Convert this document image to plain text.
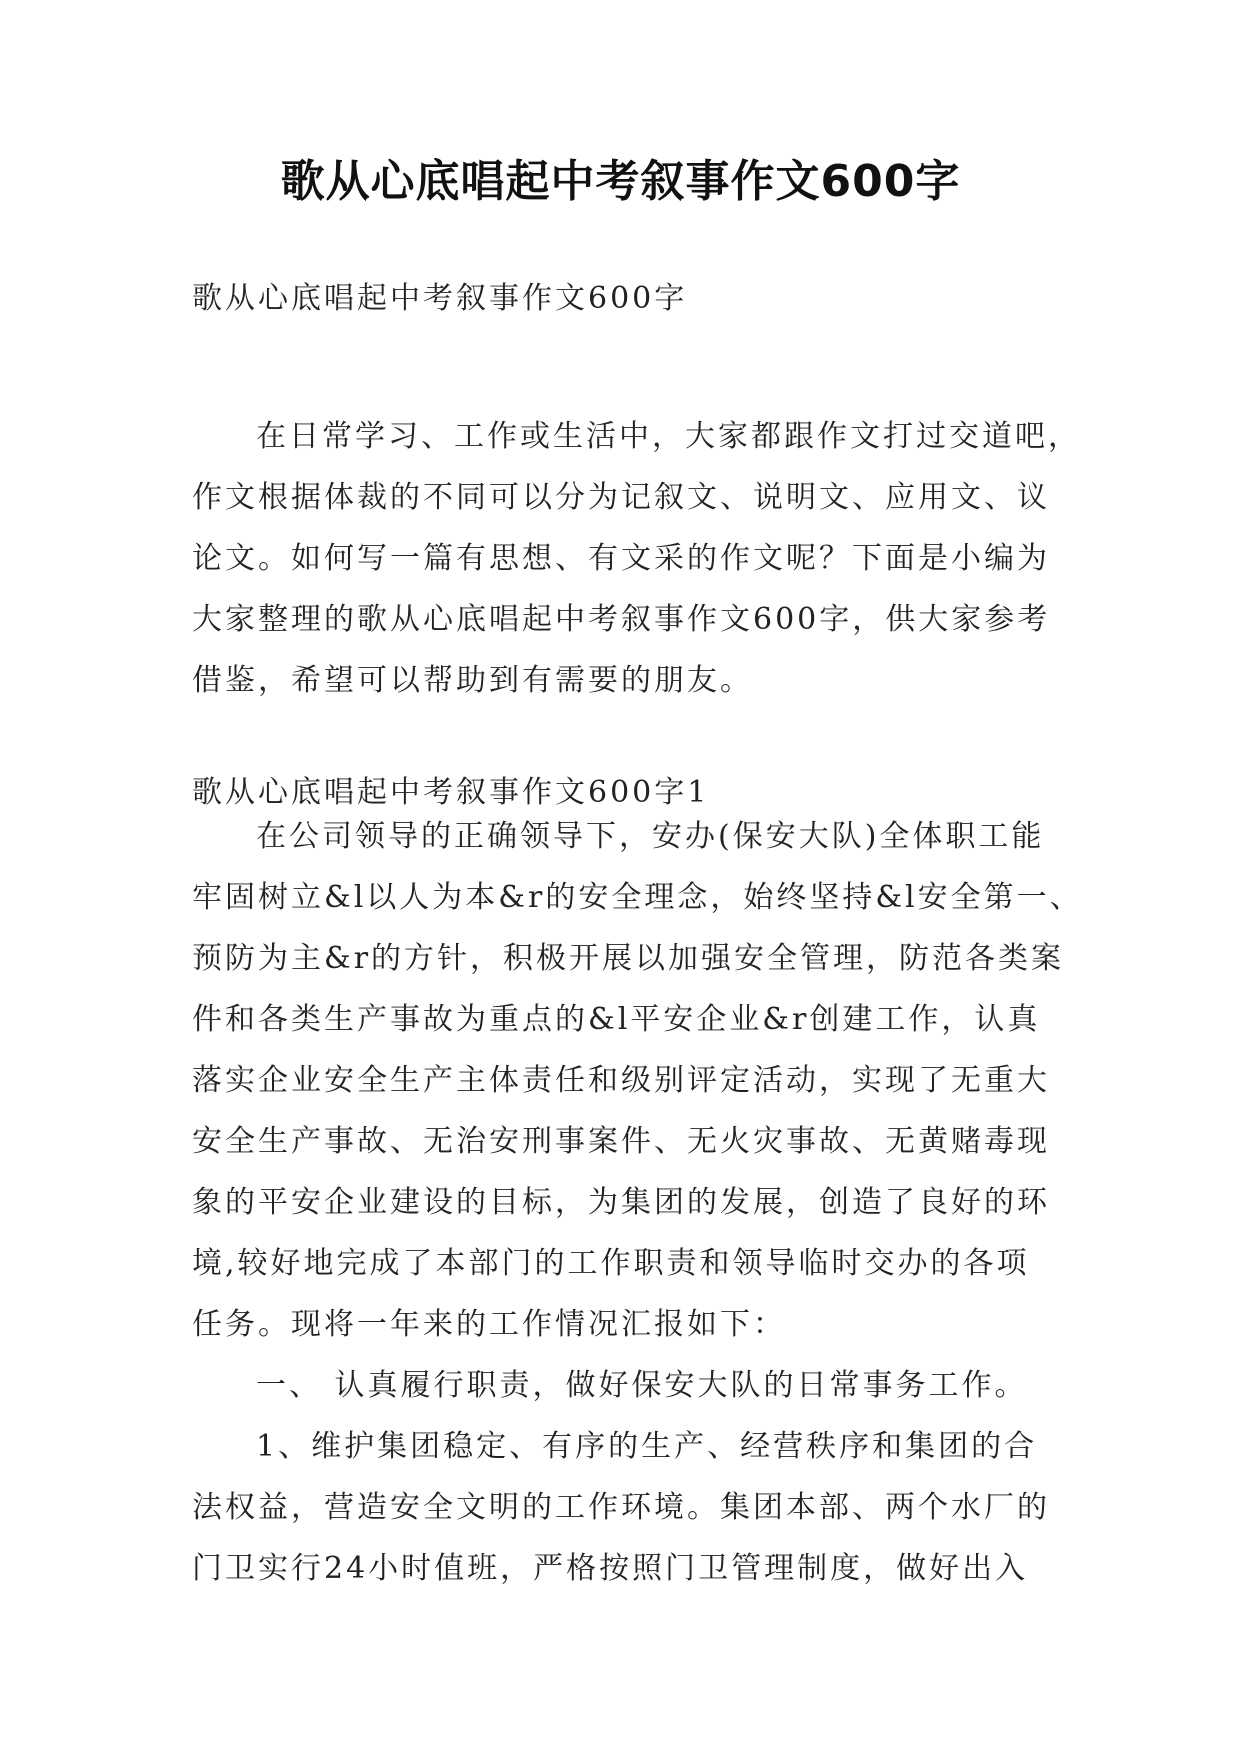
歌从心底唱起中考叙事作文600字

歌从心底唱起中考叙事作文600字

在日常学习、工作或生活中，大家都跟作文打过交道吧，
作文根据体裁的不同可以分为记叙文、说明文、应用文、议
论文。如何写一篇有思想、有文采的作文呢？下面是小编为
大家整理的歌从心底唱起中考叙事作文600字，供大家参考
借鉴，希望可以帮助到有需要的朋友。

歌从心底唱起中考叙事作文600字1

在公司领导的正确领导下，安办(保安大队)全体职工能
牢固树立&l以人为本&r的安全理念，始终坚持&l安全第一、
预防为主&r的方针，积极开展以加强安全管理，防范各类案
件和各类生产事故为重点的&l平安企业&r创建工作，认真
落实企业安全生产主体责任和级别评定活动，实现了无重大
安全生产事故、无治安刑事案件、无火灾事故、无黄赌毒现
象的平安企业建设的目标，为集团的发展，创造了良好的环
境,较好地完成了本部门的工作职责和领导临时交办的各项
任务。现将一年来的工作情况汇报如下：
一、 认真履行职责，做好保安大队的日常事务工作。
1、维护集团稳定、有序的生产、经营秩序和集团的合
法权益，营造安全文明的工作环境。集团本部、两个水厂的
门卫实行24小时值班，严格按照门卫管理制度，做好出入
